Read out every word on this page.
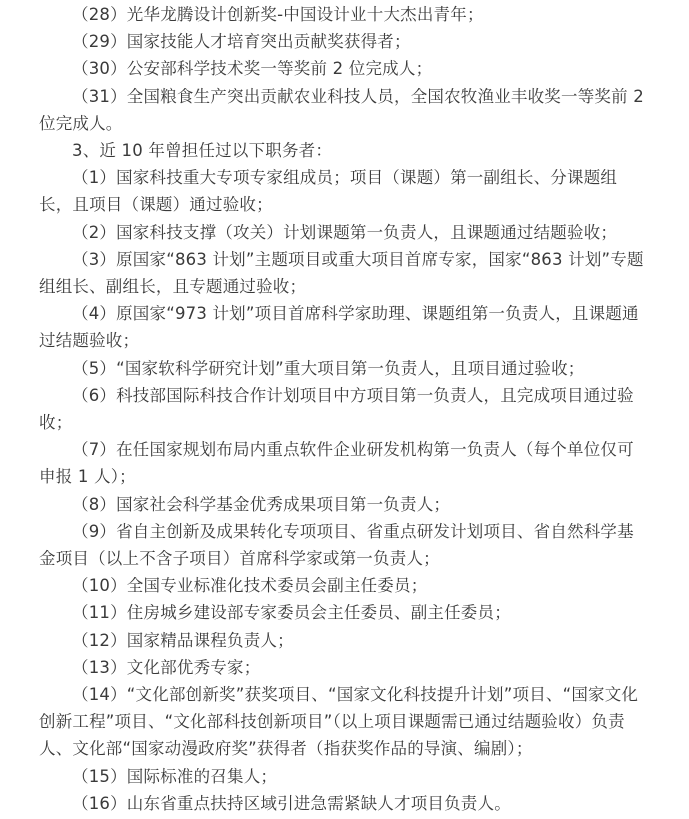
（28）光华龙腾设计创新奖-中国设计业十大杰出青年；

（29）国家技能人才培育突出贡献奖获得者；

（30）公安部科学技术奖一等奖前 2 位完成人；

（31）全国粮食生产突出贡献农业科技人员，全国农牧渔业丰收奖一等奖前 2 位完成人。

3、近 10 年曾担任过以下职务者：

（1）国家科技重大专项专家组成员；项目（课题）第一副组长、分课题组长，且项目（课题）通过验收；

（2）国家科技支撑（攻关）计划课题第一负责人，且课题通过结题验收；

（3）原国家“863 计划”主题项目或重大项目首席专家，国家“863 计划”专题组组长、副组长，且专题通过验收；

（4）原国家“973 计划”项目首席科学家助理、课题组第一负责人，且课题通过结题验收；

（5）“国家软科学研究计划”重大项目第一负责人，且项目通过验收；

（6）科技部国际科技合作计划项目中方项目第一负责人，且完成项目通过验收；

（7）在任国家规划布局内重点软件企业研发机构第一负责人（每个单位仅可申报 1 人）；

（8）国家社会科学基金优秀成果项目第一负责人；

（9）省自主创新及成果转化专项项目、省重点研发计划项目、省自然科学基金项目（以上不含子项目）首席科学家或第一负责人；

（10）全国专业标准化技术委员会副主任委员；

（11）住房城乡建设部专家委员会主任委员、副主任委员；

（12）国家精品课程负责人；

（13）文化部优秀专家；

（14）“文化部创新奖”获奖项目、“国家文化科技提升计划”项目、“国家文化创新工程”项目、“文化部科技创新项目”（以上项目课题需已通过结题验收）负责人、文化部“国家动漫政府奖”获得者（指获奖作品的导演、编剧）；

（15）国际标准的召集人；

（16）山东省重点扶持区域引进急需紧缺人才项目负责人。
